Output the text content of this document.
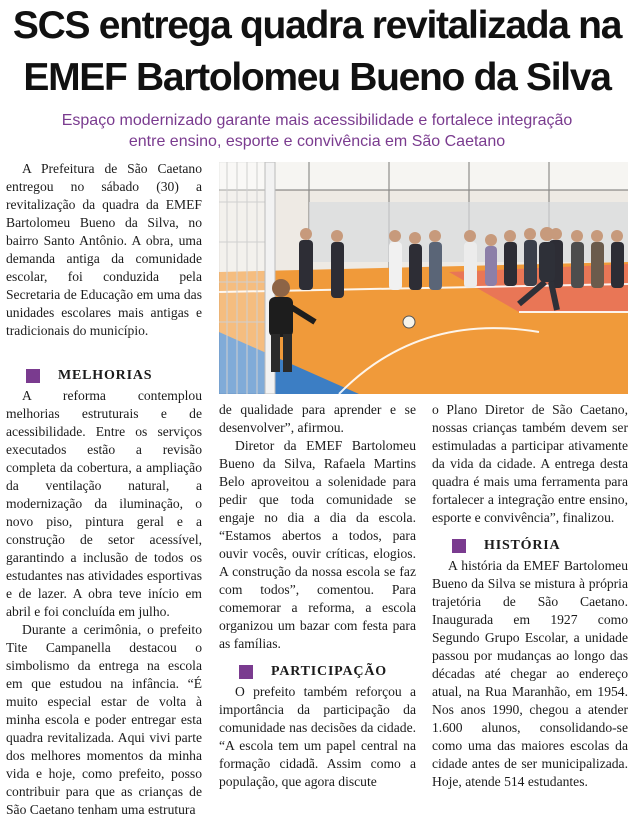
SCS entrega quadra revitalizada na
EMEF Bartolomeu Bueno da Silva
Espaço modernizado garante mais acessibilidade e fortalece integração
entre ensino, esporte e convivência em São Caetano

A Prefeitura de São Caetano entregou no sábado (30) a revitalização da quadra da EMEF Bartolomeu Bueno da Silva, no bairro Santo Antônio. A obra, uma demanda antiga da comunidade escolar, foi conduzida pela Secretaria de Educação em uma das unidades escolares mais antigas e tradicionais do município.

MELHORIAS

A reforma contemplou melhorias estruturais e de acessibilidade. Entre os serviços executados estão a revisão completa da cobertura, a ampliação da ventilação natural, a modernização da iluminação, o novo piso, pintura geral e a construção de setor acessível, garantindo a inclusão de todos os estudantes nas atividades esportivas e de lazer. A obra teve início em abril e foi concluída em julho.

Durante a cerimônia, o prefeito Tite Campanella destacou o simbolismo da entrega na escola em que estudou na infância. “É muito especial estar de volta à minha escola e poder entregar esta quadra revitalizada. Aqui vivi parte dos melhores momentos da minha vida e hoje, como prefeito, posso contribuir para que as crianças de São Caetano tenham uma estrutura

de qualidade para aprender e se desenvolver”, afirmou.

Diretor da EMEF Bartolomeu Bueno da Silva, Rafaela Martins Belo aproveitou a solenidade para pedir que toda comunidade se engaje no dia a dia da escola. “Estamos abertos a todos, para ouvir vocês, ouvir críticas, elogios. A construção da nossa escola se faz com todos”, comentou. Para comemorar a reforma, a escola organizou um bazar com festa para as famílias.

PARTICIPAÇÃO

O prefeito também reforçou a importância da participação da comunidade nas decisões da cidade. “A escola tem um papel central na formação cidadã. Assim como a população, que agora discute

o Plano Diretor de São Caetano, nossas crianças também devem ser estimuladas a participar ativamente da vida da cidade. A entrega desta quadra é mais uma ferramenta para fortalecer a integração entre ensino, esporte e convivência”, finalizou.

HISTÓRIA

A história da EMEF Bartolomeu Bueno da Silva se mistura à própria trajetória de São Caetano. Inaugurada em 1927 como Segundo Grupo Escolar, a unidade passou por mudanças ao longo das décadas até chegar ao endereço atual, na Rua Maranhão, em 1954. Nos anos 1990, chegou a atender 1.600 alunos, consolidando-se como uma das maiores escolas da cidade antes de ser municipalizada. Hoje, atende 514 estudantes.
